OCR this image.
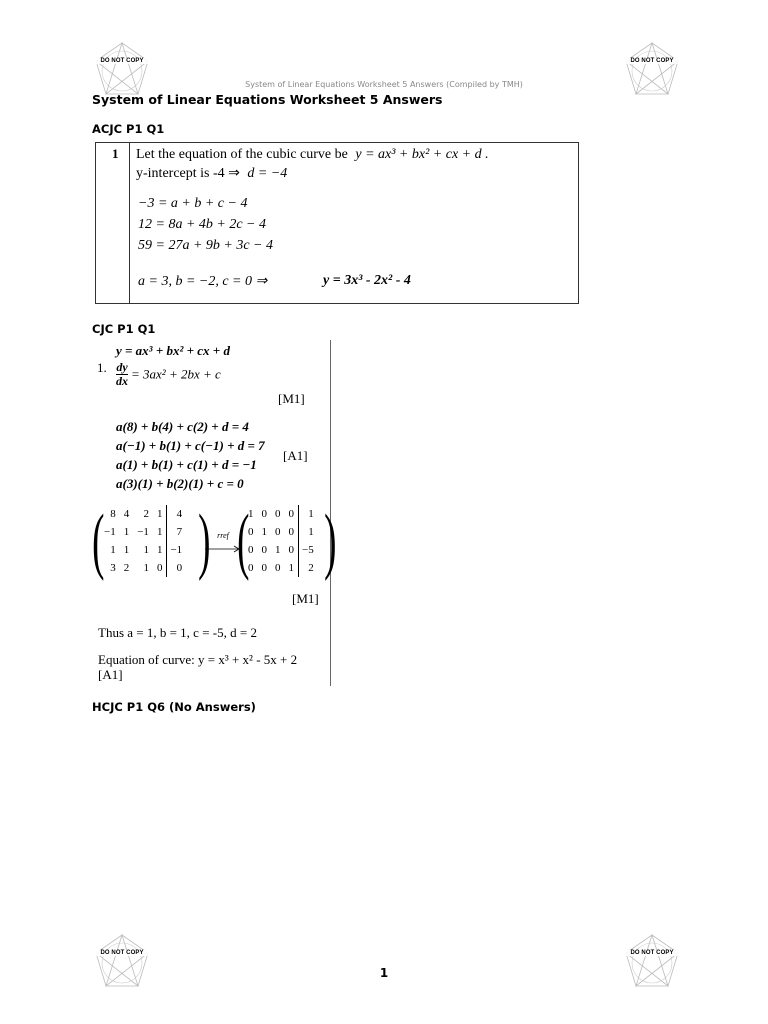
DO NOT COPY	DO NOT COPY
DO NOT COPY	DO NOT COPY
System of Linear Equations Worksheet 5 Answers (Compiled by TMH)
System of Linear Equations Worksheet 5 Answers
ACJC P1 Q1
1 Let the equation of the cubic curve be y = ax³ + bx² + cx + d .
y-intercept is -4 ⇒ d = −4
−3 = a + b + c − 4
12 = 8a + 4b + 2c − 4
59 = 27a + 9b + 3c − 4
a = 3, b = −2, c = 0 ⇒	y = 3x³ - 2x² - 4
CJC P1 Q1
y = ax³ + bx² + cx + d
1. $\frac{dy}{dx} = 3ax^2 + 2bx + c$
[M1]
a(8) + b(4) + c(2) + d = 4
a(−1) + b(1) + c(−1) + d = 7
[A1]
a(1) + b(1) + c(1) + d = −1
a(3)(1) + b(2)(1) + c = 0
( 8	4	2	1	4
−1	1	−1	1	7
1	1	1	1	−1
3	2	1	0	0 ) rref (
1	0	0	0	1
0	1	0	0	1
0	0	1	0	−5
0	0	0	1	2 )
[M1]
Thus a = 1, b = 1, c = -5, d = 2
Equation of curve: y = x³ + x² - 5x + 2
[A1]
HCJC P1 Q6 (No Answers)
1
